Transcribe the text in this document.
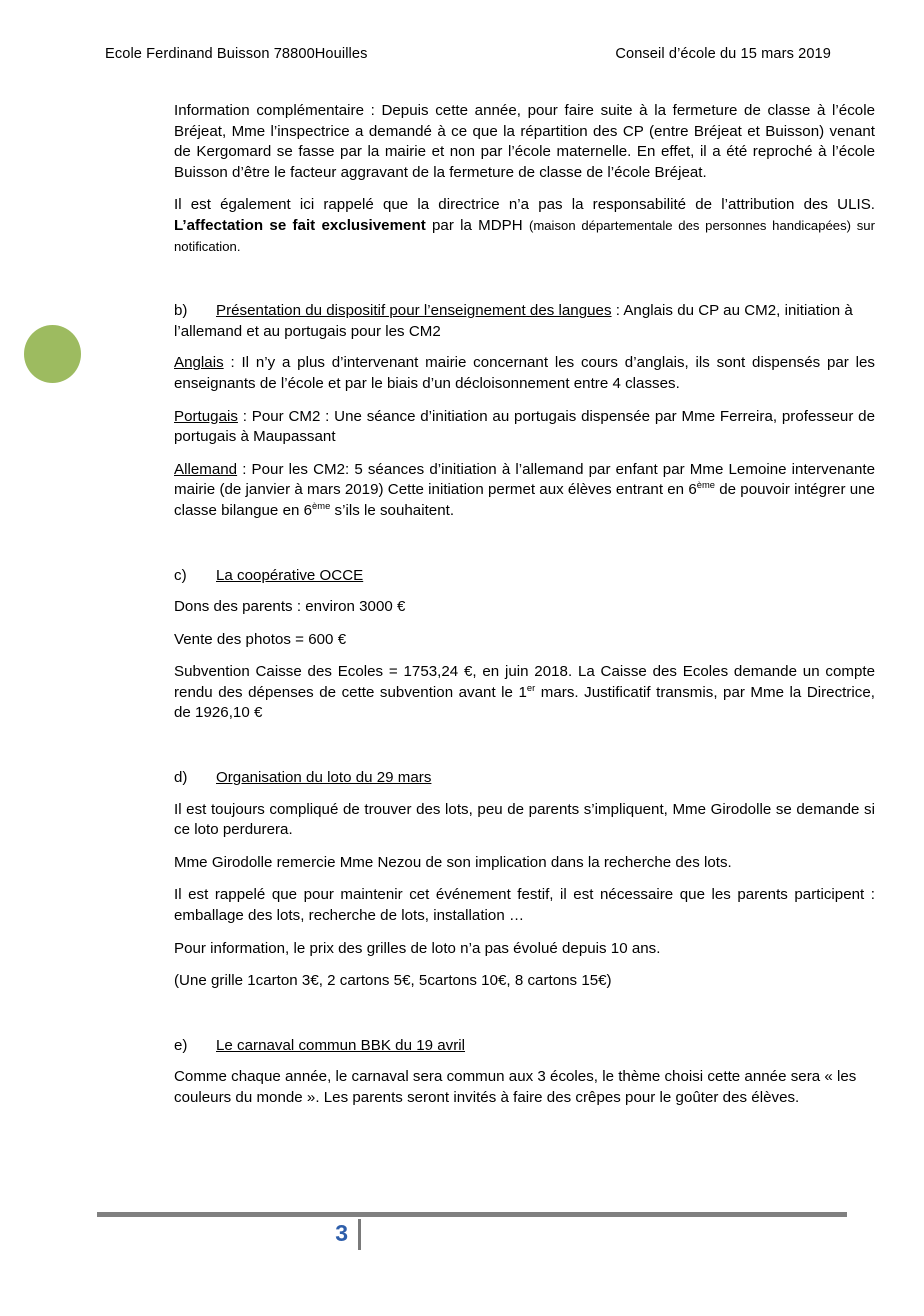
Ecole Ferdinand Buisson 78800Houilles	Conseil d’école du 15 mars 2019

Information complémentaire : Depuis cette année, pour faire suite à la fermeture de classe à l’école Bréjeat, Mme l’inspectrice a demandé à ce que la répartition des CP (entre Bréjeat et Buisson) venant de Kergomard se fasse par la mairie et non par l’école maternelle. En effet, il a été reproché à l’école Buisson d’être le facteur aggravant de la fermeture de classe de l’école Bréjeat.

Il est également ici rappelé que la directrice n’a pas la responsabilité de l’attribution des ULIS. L’affectation se fait exclusivement par la MDPH (maison départementale des personnes handicapées) sur notification.

b) Présentation du dispositif pour l’enseignement des langues : Anglais du CP au CM2, initiation à l’allemand et au portugais pour les CM2

Anglais : Il n’y a plus d’intervenant mairie concernant les cours d’anglais, ils sont dispensés par les enseignants de l’école et par le biais d’un décloisonnement entre 4 classes.

Portugais : Pour CM2 : Une séance d’initiation au portugais dispensée par Mme Ferreira, professeur de portugais à Maupassant

Allemand : Pour les CM2: 5 séances d’initiation à l’allemand par enfant par Mme Lemoine intervenante mairie (de janvier à mars 2019) Cette initiation permet aux élèves entrant en 6ème de pouvoir intégrer une classe bilangue en 6ème s’ils le souhaitent.

c) La coopérative OCCE

Dons des parents : environ 3000 €

Vente des photos = 600 €

Subvention Caisse des Ecoles = 1753,24 €, en juin 2018. La Caisse des Ecoles demande un compte rendu des dépenses de cette subvention avant le 1er mars. Justificatif transmis, par Mme la Directrice, de 1926,10 €

d) Organisation du loto du 29 mars

Il est toujours compliqué de trouver des lots, peu de parents s’impliquent, Mme Girodolle se demande si ce loto perdurera.

Mme Girodolle remercie Mme Nezou de son implication dans la recherche des lots.

Il est rappelé que pour maintenir cet événement festif, il est nécessaire que les parents participent : emballage des lots, recherche de lots, installation …

Pour information, le prix des grilles de loto n’a pas évolué depuis 10 ans.

(Une grille 1carton 3€, 2 cartons 5€, 5cartons 10€, 8 cartons 15€)

e) Le carnaval commun BBK du 19 avril

Comme chaque année, le carnaval sera commun aux 3 écoles, le thème choisi cette année sera « les couleurs du monde ». Les parents seront invités à faire des crêpes pour le goûter des élèves.

3
